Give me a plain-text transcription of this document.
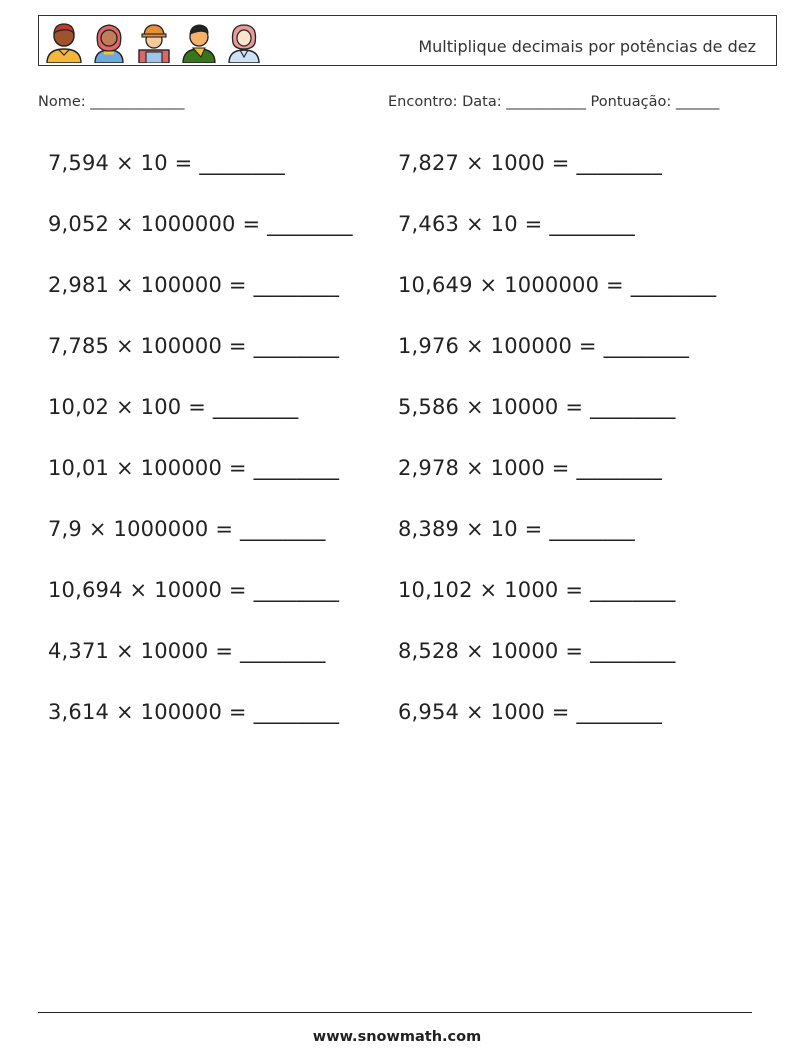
Multiplique decimais por potências de dez
Nome: _____________	Encontro: Data: ___________ Pontuação: ______
7,594 × 10 = ________	7,827 × 1000 = ________
9,052 × 1000000 = ________ 7,463 × 10 = ________
2,981 × 100000 = ________	10,649 × 1000000 = ________
7,785 × 100000 = ________	1,976 × 100000 = ________
10,02 × 100 = ________	5,586 × 10000 = ________
10,01 × 100000 = ________	2,978 × 1000 = ________
7,9 × 1000000 = ________	8,389 × 10 = ________
10,694 × 10000 = ________	10,102 × 1000 = ________
4,371 × 10000 = ________	8,528 × 10000 = ________
3,614 × 100000 = ________	6,954 × 1000 = ________
www.snowmath.com
